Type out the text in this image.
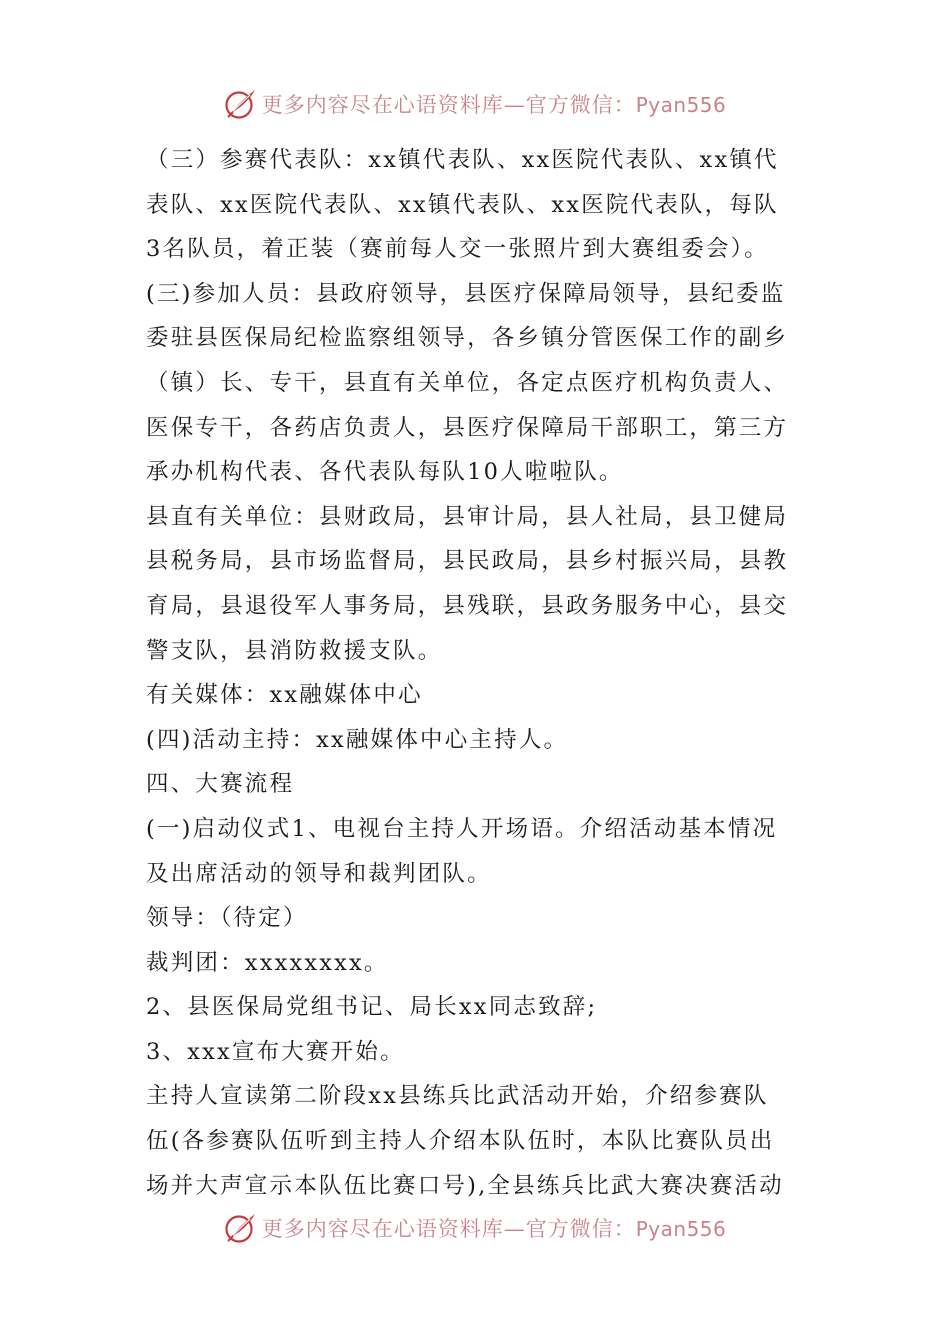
更多内容尽在心语资料库—官方微信：Pyan556
（三）参赛代表队：xx镇代表队、xx医院代表队、xx镇代
表队、xx医院代表队、xx镇代表队、xx医院代表队，每队
3名队员，着正装（赛前每人交一张照片到大赛组委会）。
(三)参加人员：县政府领导，县医疗保障局领导，县纪委监
委驻县医保局纪检监察组领导，各乡镇分管医保工作的副乡
（镇）长、专干，县直有关单位，各定点医疗机构负责人、
医保专干，各药店负责人，县医疗保障局干部职工，第三方
承办机构代表、各代表队每队10人啦啦队。
县直有关单位：县财政局，县审计局，县人社局，县卫健局
县税务局，县市场监督局，县民政局，县乡村振兴局，县教
育局，县退役军人事务局，县残联，县政务服务中心，县交
警支队，县消防救援支队。
有关媒体：xx融媒体中心
(四)活动主持：xx融媒体中心主持人。
四、大赛流程
(一)启动仪式1、电视台主持人开场语。介绍活动基本情况
及出席活动的领导和裁判团队。
领导：（待定）
裁判团：xxxxxxxx。
2、县医保局党组书记、局长xx同志致辞;
3、xxx宣布大赛开始。
主持人宣读第二阶段xx县练兵比武活动开始，介绍参赛队
伍(各参赛队伍听到主持人介绍本队伍时，本队比赛队员出
场并大声宣示本队伍比赛口号),全县练兵比武大赛决赛活动
更多内容尽在心语资料库—官方微信：Pyan556
